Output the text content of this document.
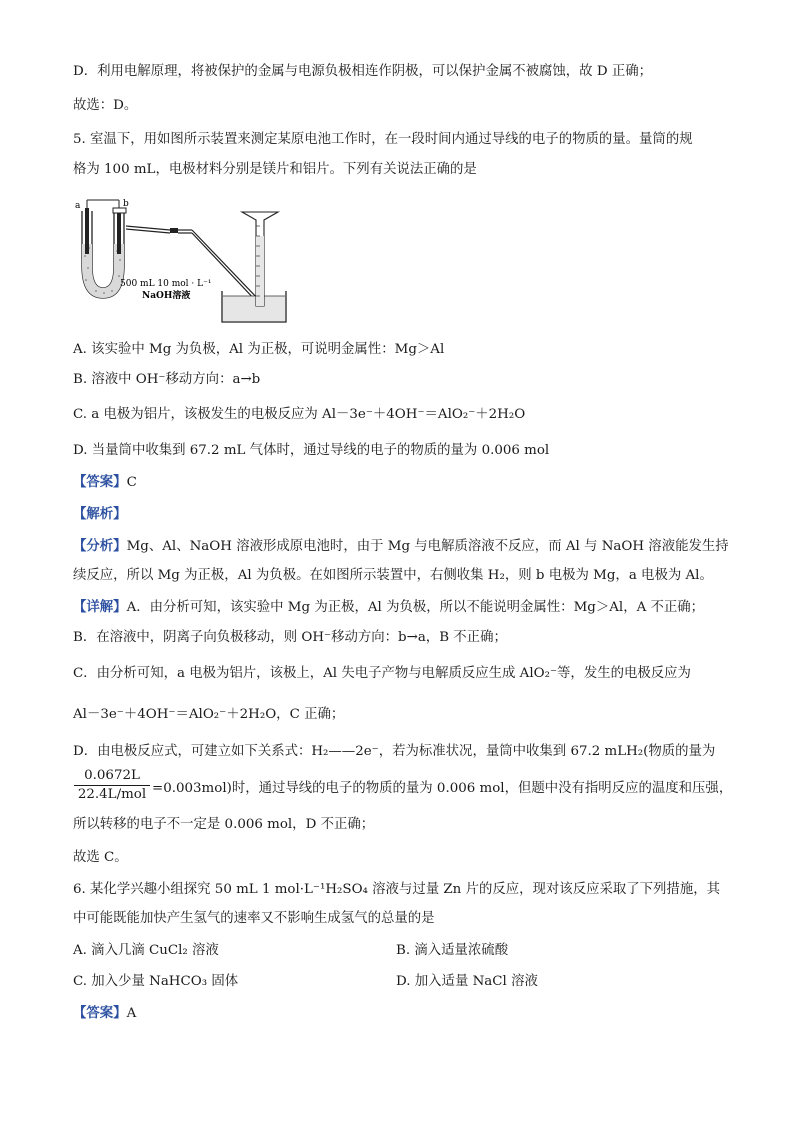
D．利用电解原理，将被保护的金属与电源负极相连作阴极，可以保护金属不被腐蚀，故 D 正确；
故选：D。
5. 室温下，用如图所示装置来测定某原电池工作时，在一段时间内通过导线的电子的物质的量。量筒的规
格为 100 mL，电极材料分别是镁片和铝片。下列有关说法正确的是
a	b
500 mL 10 mol · L⁻¹
NaOH溶液
A. 该实验中 Mg 为负极，Al 为正极，可说明金属性：Mg＞Al
B. 溶液中 OH⁻移动方向：a→b
C. a 电极为铝片，该极发生的电极反应为 Al－3e⁻＋4OH⁻＝AlO₂⁻＋2H₂O
D. 当量筒中收集到 67.2 mL 气体时，通过导线的电子的物质的量为 0.006 mol
【答案】C
【解析】
【分析】Mg、Al、NaOH 溶液形成原电池时，由于 Mg 与电解质溶液不反应，而 Al 与 NaOH 溶液能发生持
续反应，所以 Mg 为正极，Al 为负极。在如图所示装置中，右侧收集 H₂，则 b 电极为 Mg，a 电极为 Al。
【详解】A．由分析可知，该实验中 Mg 为正极，Al 为负极，所以不能说明金属性：Mg＞Al，A 不正确；
B．在溶液中，阴离子向负极移动，则 OH⁻移动方向：b→a，B 不正确；
C．由分析可知，a 电极为铝片，该极上，Al 失电子产物与电解质反应生成 AlO₂⁻等，发生的电极反应为
Al－3e⁻＋4OH⁻＝AlO₂⁻＋2H₂O，C 正确；
D．由电极反应式，可建立如下关系式：H₂——2e⁻，若为标准状况，量筒中收集到 67.2 mLH₂(物质的量为
0.0672L
22.4L/mol =0.003mol)时，通过导线的电子的物质的量为 0.006 mol，但题中没有指明反应的温度和压强，
所以转移的电子不一定是 0.006 mol，D 不正确；
故选 C。
6. 某化学兴趣小组探究 50 mL 1 mol·L⁻¹H₂SO₄ 溶液与过量 Zn 片的反应，现对该反应采取了下列措施，其
中可能既能加快产生氢气的速率又不影响生成氢气的总量的是
A. 滴入几滴 CuCl₂ 溶液	B. 滴入适量浓硫酸
C. 加入少量 NaHCO₃ 固体	D. 加入适量 NaCl 溶液
【答案】A
